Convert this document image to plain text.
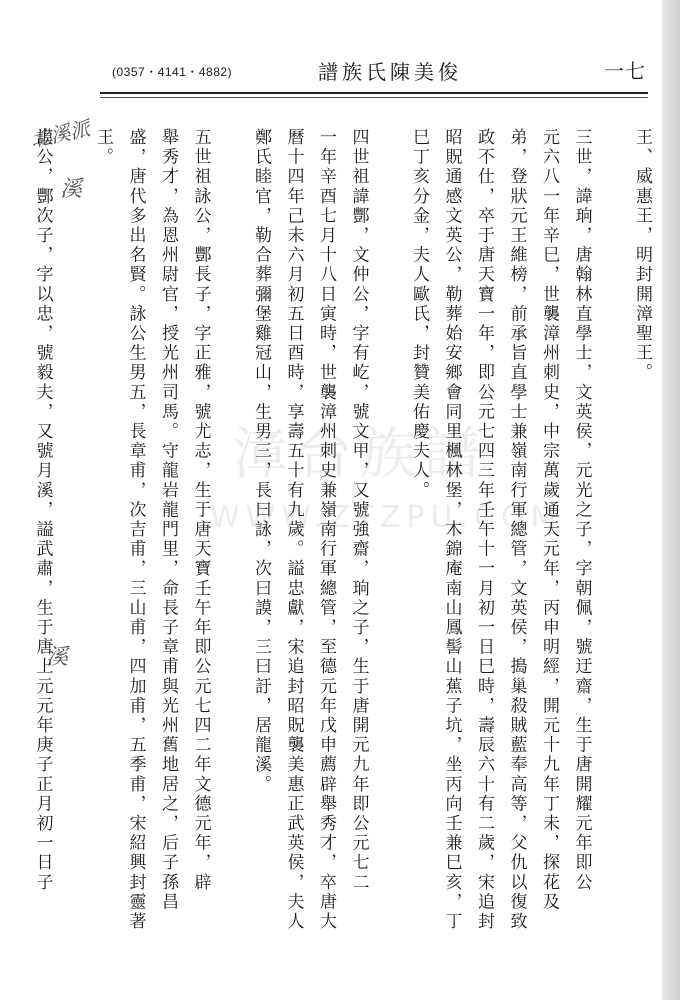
(0357・4141・4882)	譜族氏陳美俊	一七
漳台族譜
WWW.ZTZPU.COM
北溪派
溪
溪
王、威惠王，明封開漳聖王。
三世，諱珦，唐翰林直學士，文英侯，元光之子，字朝佩，號迂齋，生于唐開耀元年即公
元六八一年辛巳，世襲漳州刺史，中宗萬歲通天元年，丙申明經，開元十九年丁未，探花及
弟，登狀元王維榜，前承旨直學士兼嶺南行軍總管，文英侯，搗巢殺賊藍奉高等，父仇以復致
政不仕，卒于唐天寶一年，即公元七四三年壬午十一月初一日巳時，壽辰六十有二歲，宋追封
昭貺通感文英公，勒葬始安鄉會同里楓林堡，木錦庵南山鳳髻山蕉子坑，坐丙向壬兼巳亥，丁
巳丁亥分金，夫人歐氏，封贊美佑慶夫人。
四世祖諱酆，文仲公，字有屹，號文甲，又號強齋，珦之子，生于唐開元九年即公元七二
一年辛酉七月十八日寅時，世襲漳州刺史兼嶺南行軍總管，至德元年戊申薦辟舉秀才，卒唐大
曆十四年己未六月初五日酉時，享壽五十有九歲。謚忠獻，宋追封昭貺襲美惠正武英侯，夫人
鄭氏睦官，勒合葬彌堡雞冠山，生男三，長曰詠，次曰謨，三曰訏，居龍溪。
五世祖詠公，酆長子，字正雅，號尤志，生于唐天寶壬午年即公元七四二年文德元年，辟
舉秀才，為恩州尉官，授光州司馬。守龍岩龍門里，命長子章甫與光州舊地居之，后子孫昌
盛，唐代多出名賢。詠公生男五，長章甫，次吉甫，三山甫，四加甫，五季甫，宋紹興封靈著
王。
謨公，酆次子，字以忠，號毅夫，又號月溪，謚武肅，生于唐上元元年庚子正月初一日子
